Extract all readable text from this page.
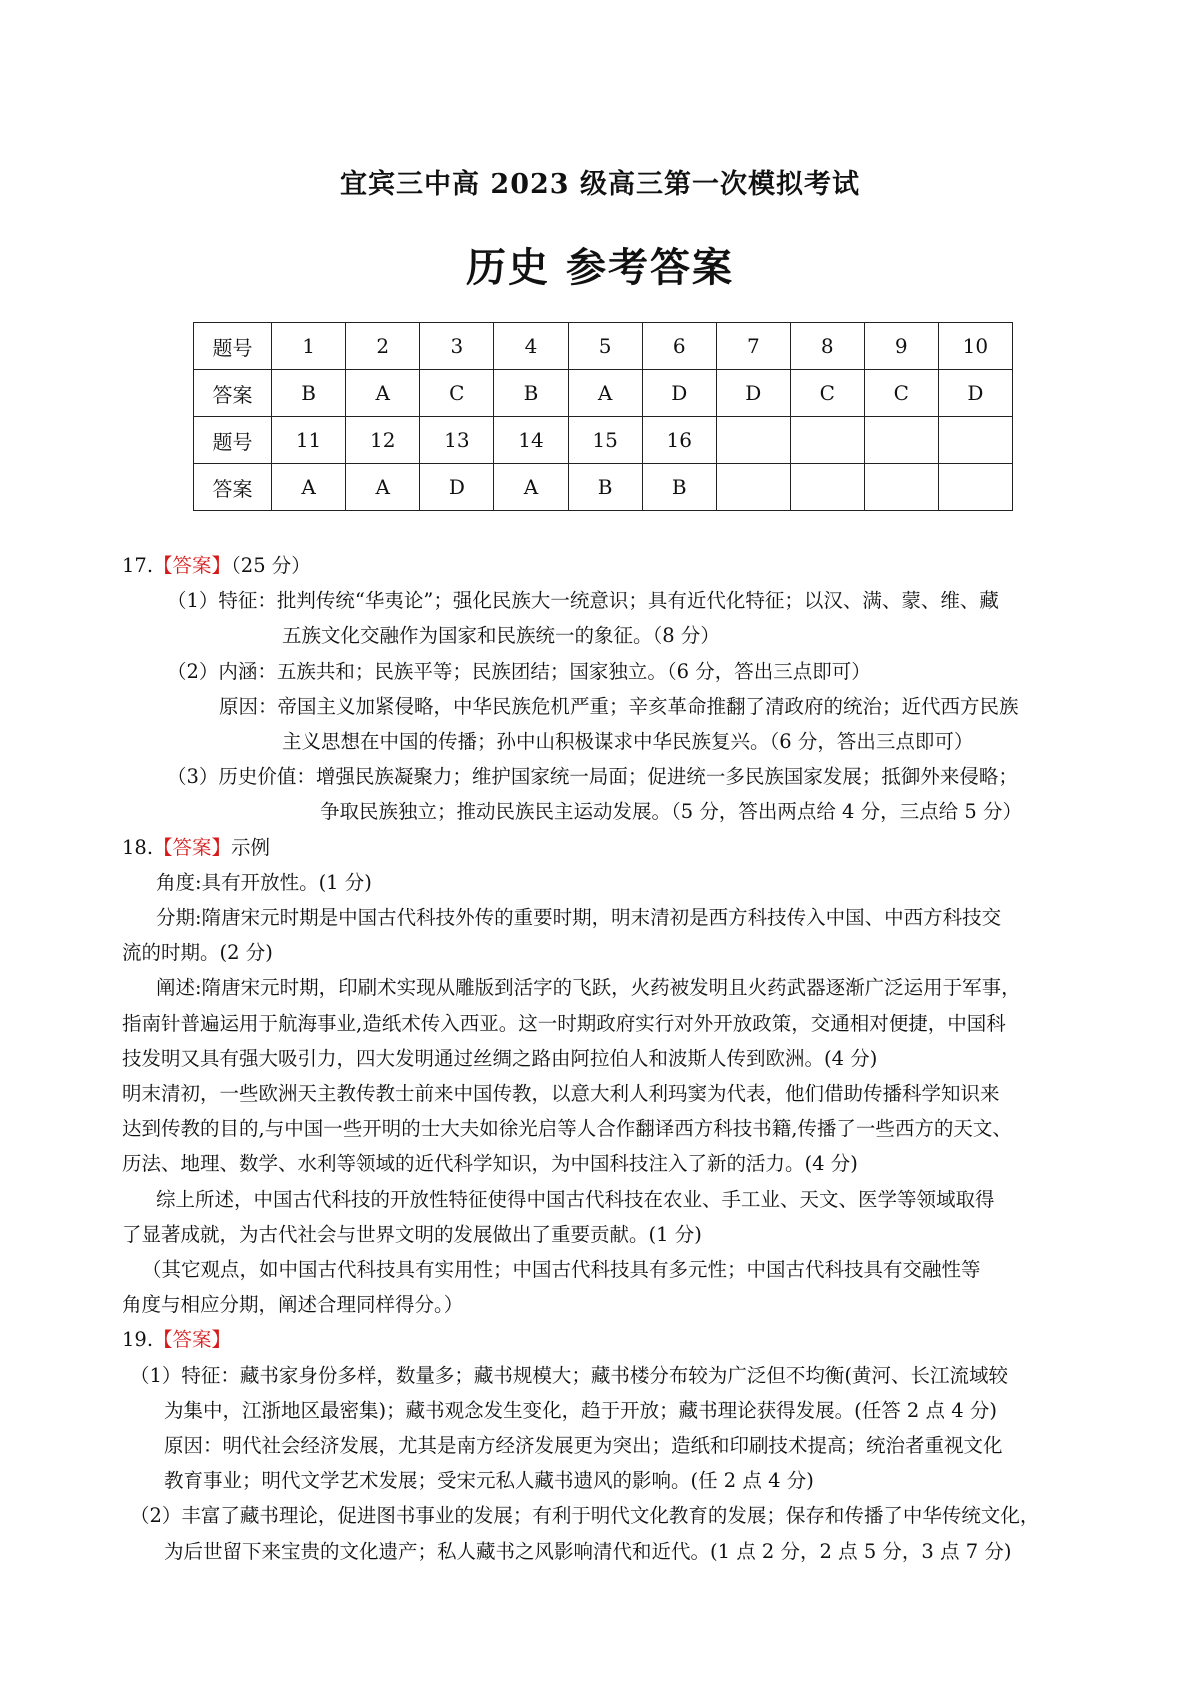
宜宾三中高 2023 级高三第一次模拟考试
历史 参考答案
题号	1	2	3	4	5	6	7	8	9	10
答案	B	A	C	B	A	D	D	C	C	D
题号	11	12	13	14	15	16				
答案	A	A	D	A	B	B				
17.【答案】（25 分）
（1）特征：批判传统“华夷论”；强化民族大一统意识；具有近代化特征；以汉、满、蒙、维、藏
五族文化交融作为国家和民族统一的象征。（8 分）
（2）内涵：五族共和；民族平等；民族团结；国家独立。（6 分，答出三点即可）
原因：帝国主义加紧侵略，中华民族危机严重；辛亥革命推翻了清政府的统治；近代西方民族
主义思想在中国的传播；孙中山积极谋求中华民族复兴。（6 分，答出三点即可）
（3）历史价值：增强民族凝聚力；维护国家统一局面；促进统一多民族国家发展；抵御外来侵略；
争取民族独立；推动民族民主运动发展。（5 分，答出两点给 4 分，三点给 5 分）
18.【答案】示例
角度:具有开放性。(1 分)
分期:隋唐宋元时期是中国古代科技外传的重要时期，明末清初是西方科技传入中国、中西方科技交
流的时期。(2 分)
阐述:隋唐宋元时期，印刷术实现从雕版到活字的飞跃，火药被发明且火药武器逐渐广泛运用于军事，
指南针普遍运用于航海事业,造纸术传入西亚。这一时期政府实行对外开放政策，交通相对便捷，中国科
技发明又具有强大吸引力，四大发明通过丝绸之路由阿拉伯人和波斯人传到欧洲。(4 分)
明末清初，一些欧洲天主教传教士前来中国传教，以意大利人利玛窦为代表，他们借助传播科学知识来
达到传教的目的,与中国一些开明的士大夫如徐光启等人合作翻译西方科技书籍,传播了一些西方的天文、
历法、地理、数学、水利等领域的近代科学知识，为中国科技注入了新的活力。(4 分)
综上所述，中国古代科技的开放性特征使得中国古代科技在农业、手工业、天文、医学等领域取得
了显著成就，为古代社会与世界文明的发展做出了重要贡献。(1 分)
（其它观点，如中国古代科技具有实用性；中国古代科技具有多元性；中国古代科技具有交融性等
角度与相应分期，阐述合理同样得分。）
19.【答案】
（1）特征：藏书家身份多样，数量多；藏书规模大；藏书楼分布较为广泛但不均衡(黄河、长江流域较
为集中，江浙地区最密集)；藏书观念发生变化，趋于开放；藏书理论获得发展。(任答 2 点 4 分)
原因：明代社会经济发展，尤其是南方经济发展更为突出；造纸和印刷技术提高；统治者重视文化
教育事业；明代文学艺术发展；受宋元私人藏书遗风的影响。(任 2 点 4 分)
（2）丰富了藏书理论，促进图书事业的发展；有利于明代文化教育的发展；保存和传播了中华传统文化，
为后世留下来宝贵的文化遗产；私人藏书之风影响清代和近代。(1 点 2 分，2 点 5 分，3 点 7 分)
